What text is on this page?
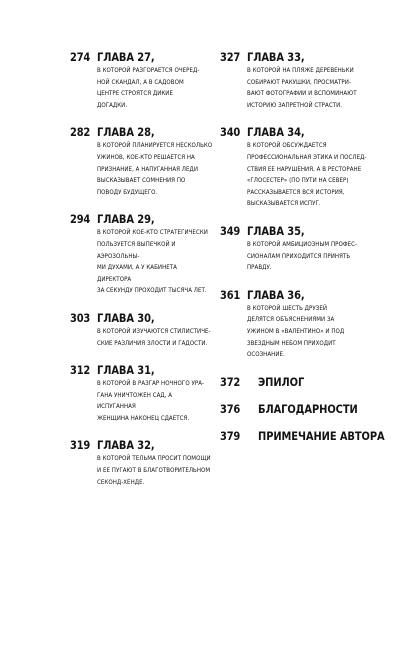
274 ГЛАВА 27,
В КОТОРОЙ РАЗГОРАЕТСЯ ОЧЕРЕД-
НОЙ СКАНДАЛ, А В САДОВОМ
ЦЕНТРЕ СТРОЯТСЯ ДИКИЕ
ДОГАДКИ.
282 ГЛАВА 28,
В КОТОРОЙ ПЛАНИРУЕТСЯ НЕСКОЛЬКО
УЖИНОВ, КОЕ-КТО РЕШАЕТСЯ НА
ПРИЗНАНИЕ, А НАПУГАННАЯ ЛЕДИ
ВЫСКАЗЫВАЕТ СОМНЕНИЯ ПО
ПОВОДУ БУДУЩЕГО.
294 ГЛАВА 29,
В КОТОРОЙ КОЕ-КТО СТРАТЕГИЧЕСКИ
ПОЛЬЗУЕТСЯ ВЫПЕЧКОЙ И АЭРОЗОЛЬНЫ-
МИ ДУХАМИ, А У КАБИНЕТА ДИРЕКТОРА
ЗА СЕКУНДУ ПРОХОДИТ ТЫСЯЧА ЛЕТ.
303 ГЛАВА 30,
В КОТОРОЙ ИЗУЧАЮТСЯ СТИЛИСТИЧЕ-
СКИЕ РАЗЛИЧИЯ ЗЛОСТИ И ГАДОСТИ.
312 ГЛАВА 31,
В КОТОРОЙ В РАЗГАР НОЧНОГО УРА-
ГАНА УНИЧТОЖЕН САД, А ИСПУГАННАЯ
ЖЕНЩИНА НАКОНЕЦ СДАЕТСЯ.
319 ГЛАВА 32,
В КОТОРОЙ ТЕЛЬМА ПРОСИТ ПОМОЩИ
И ЕЕ ПУГАЮТ В БЛАГОТВОРИТЕЛЬНОМ
СЕКОНД-ХЕНДЕ.
327 ГЛАВА 33,
В КОТОРОЙ НА ПЛЯЖЕ ДЕРЕВЕНЬКИ
СОБИРАЮТ РАКУШКИ, ПРОСМАТРИ-
ВАЮТ ФОТОГРАФИИ И ВСПОМИНАЮТ
ИСТОРИЮ ЗАПРЕТНОЙ СТРАСТИ.
340 ГЛАВА 34,
В КОТОРОЙ ОБСУЖДАЕТСЯ
ПРОФЕССИОНАЛЬНАЯ ЭТИКА И ПОСЛЕД-
СТВИЯ ЕЕ НАРУШЕНИЯ, А В РЕСТОРАНЕ
«ГЛОСЕСТЕР» (ПО ПУТИ НА СЕВЕР)
РАССКАЗЫВАЕТСЯ ВСЯ ИСТОРИЯ,
ВЫСКАЗЫВАЕТСЯ ИСПУГ.
349 ГЛАВА 35,
В КОТОРОЙ АМБИЦИОЗНЫМ ПРОФЕС-
СИОНАЛАМ ПРИХОДИТСЯ ПРИНЯТЬ
ПРАВДУ.
361 ГЛАВА 36,
В КОТОРОЙ ШЕСТЬ ДРУЗЕЙ
ДЕЛЯТСЯ ОБЪЯСНЕНИЯМИ ЗА
УЖИНОМ В «ВАЛЕНТИНО» И ПОД
ЗВЕЗДНЫМ НЕБОМ ПРИХОДИТ
ОСОЗНАНИЕ.
372 ЭПИЛОГ
376 БЛАГОДАРНОСТИ
379 ПРИМЕЧАНИЕ АВТОРА
